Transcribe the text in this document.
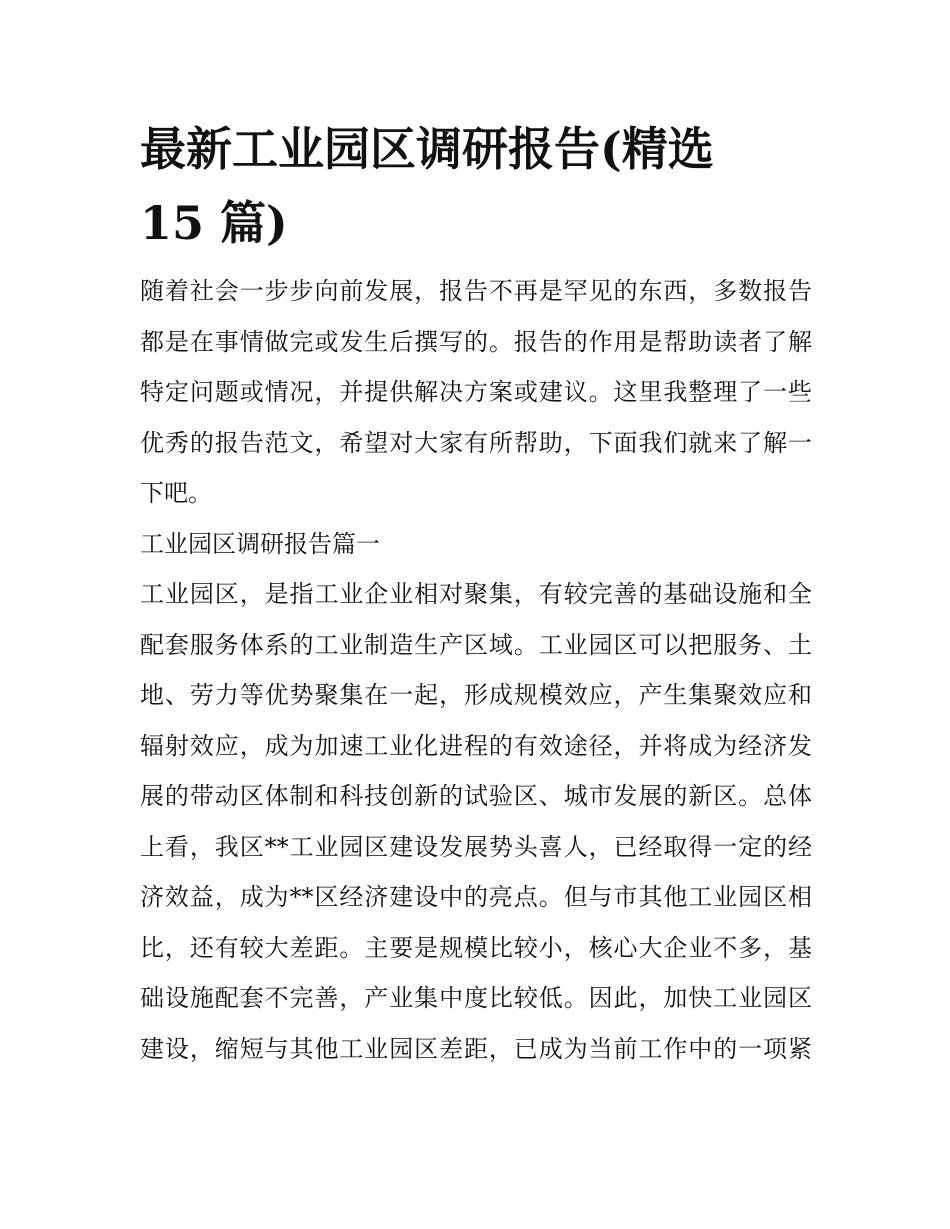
最新工业园区调研报告(精选
15 篇)

随着社会一步步向前发展，报告不再是罕见的东西，多数报告
都是在事情做完或发生后撰写的。报告的作用是帮助读者了解
特定问题或情况，并提供解决方案或建议。这里我整理了一些
优秀的报告范文，希望对大家有所帮助，下面我们就来了解一
下吧。

工业园区调研报告篇一

工业园区，是指工业企业相对聚集，有较完善的基础设施和全
配套服务体系的工业制造生产区域。工业园区可以把服务、土
地、劳力等优势聚集在一起，形成规模效应，产生集聚效应和
辐射效应，成为加速工业化进程的有效途径，并将成为经济发
展的带动区体制和科技创新的试验区、城市发展的新区。总体
上看，我区**工业园区建设发展势头喜人，已经取得一定的经
济效益，成为**区经济建设中的亮点。但与市其他工业园区相
比，还有较大差距。主要是规模比较小，核心大企业不多，基
础设施配套不完善，产业集中度比较低。因此，加快工业园区
建设，缩短与其他工业园区差距，已成为当前工作中的一项紧
